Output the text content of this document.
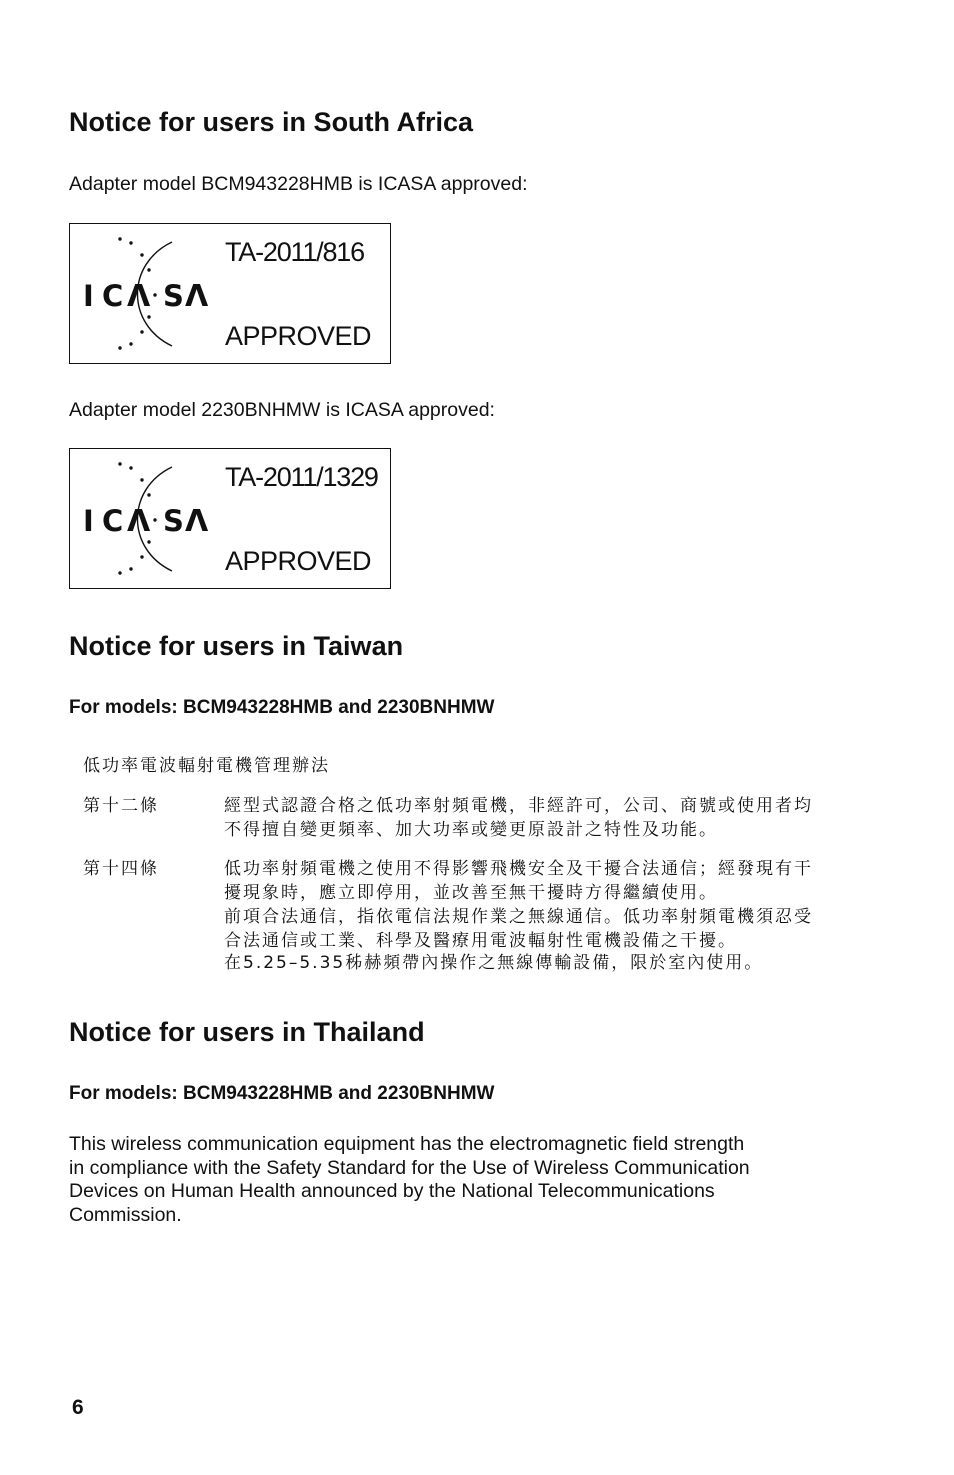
Notice for users in South Africa
Adapter model BCM943228HMB is ICASA approved:
I C Λ S Λ
TA-2011/816
APPROVED
Adapter model 2230BNHMW is ICASA approved:
I C Λ S Λ
TA-2011/1329
APPROVED
Notice for users in Taiwan
For models: BCM943228HMB and 2230BNHMW
低功率電波輻射電機管理辦法
第十二條	經型式認證合格之低功率射頻電機，非經許可，公司、商號或使用者均
不得擅自變更頻率、加大功率或變更原設計之特性及功能。
第十四條	低功率射頻電機之使用不得影響飛機安全及干擾合法通信；經發現有干
擾現象時，應立即停用，並改善至無干擾時方得繼續使用。
前項合法通信，指依電信法規作業之無線通信。低功率射頻電機須忍受
合法通信或工業、科學及醫療用電波輻射性電機設備之干擾。
在5.25–5.35秭赫頻帶內操作之無線傳輸設備，限於室內使用。
Notice for users in Thailand
For models: BCM943228HMB and 2230BNHMW
This wireless communication equipment has the electromagnetic field strength
in compliance with the Safety Standard for the Use of Wireless Communication
Devices on Human Health announced by the National Telecommunications
Commission.
6
